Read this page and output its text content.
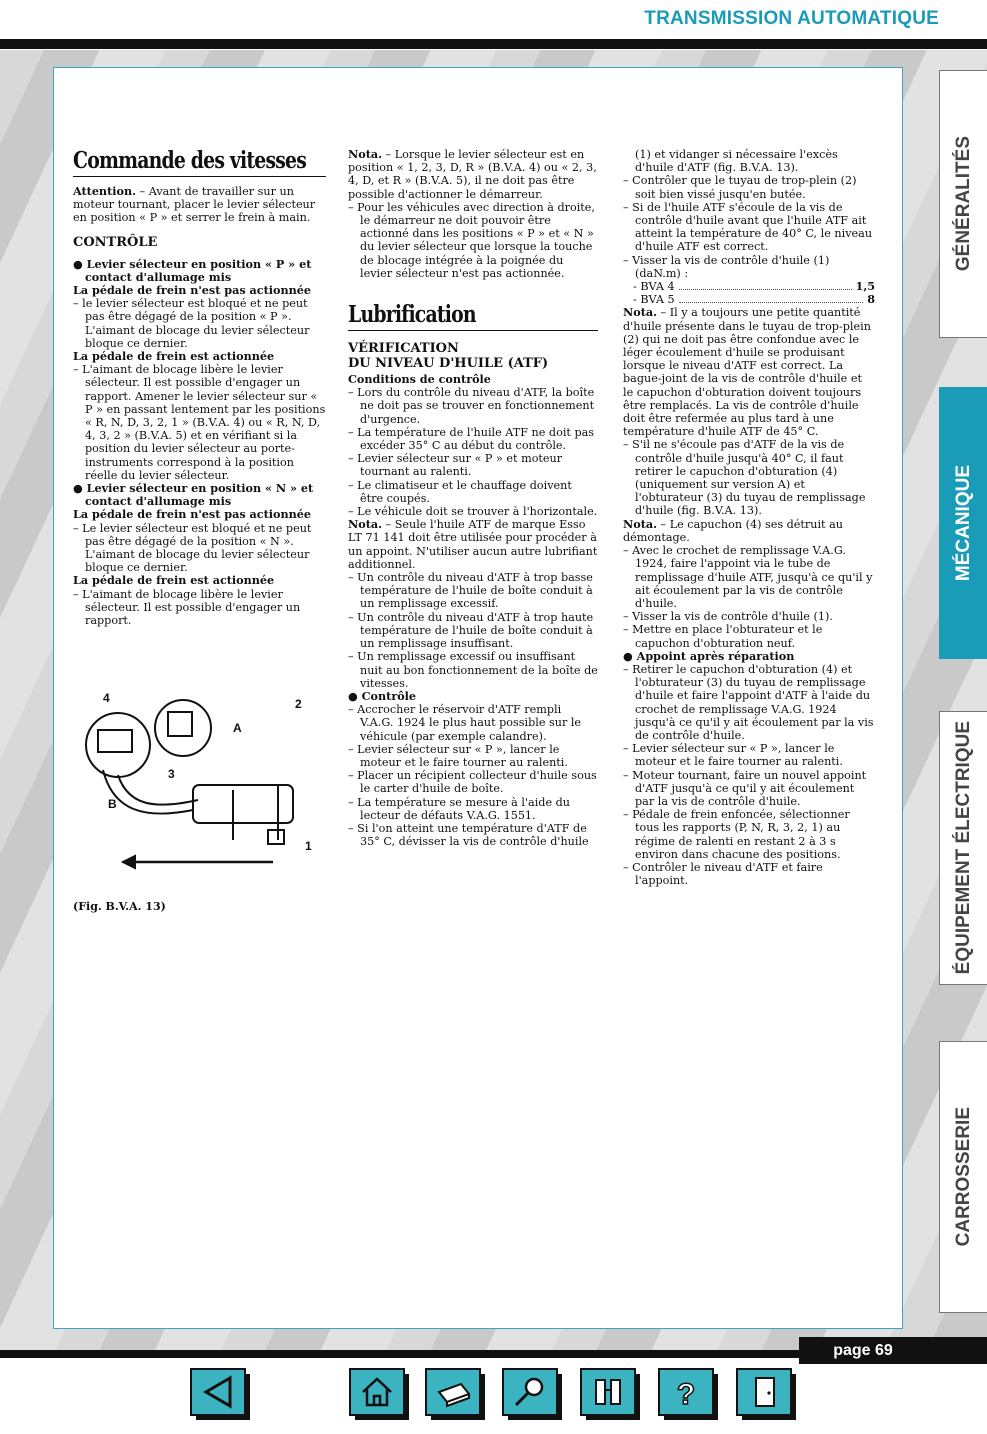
TRANSMISSION AUTOMATIQUE
GÉNÉRALITÉS
MÉCANIQUE
ÉQUIPEMENT ÉLECTRIQUE
CARROSSERIE
Commande des vitesses

Attention. – Avant de travailler sur un moteur tournant, placer le levier sélecteur en position « P » et serrer le frein à main.

CONTRÔLE

● Levier sélecteur en position « P » et contact d'allumage mis

La pédale de frein n'est pas actionnée

– le levier sélecteur est bloqué et ne peut pas être dégagé de la position « P ». L'aimant de blocage du levier sélecteur bloque ce dernier.

La pédale de frein est actionnée

– L'aimant de blocage libère le levier sélecteur. Il est possible d'engager un rapport. Amener le levier sélecteur sur « P » en passant lentement par les positions « R, N, D, 3, 2, 1 » (B.V.A. 4) ou « R, N, D, 4, 3, 2 » (B.V.A. 5) et en vérifiant si la position du levier sélecteur au porte-instruments correspond à la position réelle du levier sélecteur.

● Levier sélecteur en position « N » et contact d'allumage mis

La pédale de frein n'est pas actionnée

– Le levier sélecteur est bloqué et ne peut pas être dégagé de la position « N ». L'aimant de blocage du levier sélecteur bloque ce dernier.

La pédale de frein est actionnée

– L'aimant de blocage libère le levier sélecteur. Il est possible d'engager un rapport.

4	2
A
3
B
1
(Fig. B.V.A. 13)

Nota. – Lorsque le levier sélecteur est en position « 1, 2, 3, D, R » (B.V.A. 4) ou « 2, 3, 4, D, et R » (B.V.A. 5), il ne doit pas être possible d'actionner le démarreur.

– Pour les véhicules avec direction à droite, le démarreur ne doit pouvoir être actionné dans les positions « P » et « N » du levier sélecteur que lorsque la touche de blocage intégrée à la poignée du levier sélecteur n'est pas actionnée.

Lubrification
VÉRIFICATION
DU NIVEAU D'HUILE (ATF)

Conditions de contrôle

– Lors du contrôle du niveau d'ATF, la boîte ne doit pas se trouver en fonctionnement d'urgence.

– La température de l'huile ATF ne doit pas excéder 35° C au début du contrôle.

– Levier sélecteur sur « P » et moteur tournant au ralenti.

– Le climatiseur et le chauffage doivent être coupés.

– Le véhicule doit se trouver à l'horizontale.

Nota. – Seule l'huile ATF de marque Esso LT 71 141 doit être utilisée pour procéder à un appoint. N'utiliser aucun autre lubrifiant additionnel.

– Un contrôle du niveau d'ATF à trop basse température de l'huile de boîte conduit à un remplissage excessif.

– Un contrôle du niveau d'ATF à trop haute température de l'huile de boîte conduit à un remplissage insuffisant.

– Un remplissage excessif ou insuffisant nuit au bon fonctionnement de la boîte de vitesses.

● Contrôle

– Accrocher le réservoir d'ATF rempli V.A.G. 1924 le plus haut possible sur le véhicule (par exemple calandre).

– Levier sélecteur sur « P », lancer le moteur et le faire tourner au ralenti.

– Placer un récipient collecteur d'huile sous le carter d'huile de boîte.

– La température se mesure à l'aide du lecteur de défauts V.A.G. 1551.

– Si l'on atteint une température d'ATF de 35° C, dévisser la vis de contrôle d'huile

(1) et vidanger si nécessaire l'excès d'huile d'ATF (fig. B.V.A. 13).

– Contrôler que le tuyau de trop-plein (2) soit bien vissé jusqu'en butée.

– Si de l'huile ATF s'écoule de la vis de contrôle d'huile avant que l'huile ATF ait atteint la température de 40° C, le niveau d'huile ATF est correct.

– Visser la vis de contrôle d'huile (1) (daN.m) :

- BVA 4	1,5
- BVA 5	8

Nota. – Il y a toujours une petite quantité d'huile présente dans le tuyau de trop-plein (2) qui ne doit pas être confondue avec le léger écoulement d'huile se produisant lorsque le niveau d'ATF est correct. La bague-joint de la vis de contrôle d'huile et le capuchon d'obturation doivent toujours être remplacés. La vis de contrôle d'huile doit être refermée au plus tard à une température d'huile ATF de 45° C.

– S'il ne s'écoule pas d'ATF de la vis de contrôle d'huile jusqu'à 40° C, il faut retirer le capuchon d'obturation (4) (uniquement sur version A) et l'obturateur (3) du tuyau de remplissage d'huile (fig. B.V.A. 13).

Nota. – Le capuchon (4) ses détruit au démontage.

– Avec le crochet de remplissage V.A.G. 1924, faire l'appoint via le tube de remplissage d'huile ATF, jusqu'à ce qu'il y ait écoulement par la vis de contrôle d'huile.

– Visser la vis de contrôle d'huile (1).

– Mettre en place l'obturateur et le capuchon d'obturation neuf.

● Appoint après réparation

– Retirer le capuchon d'obturation (4) et l'obturateur (3) du tuyau de remplissage d'huile et faire l'appoint d'ATF à l'aide du crochet de remplissage V.A.G. 1924 jusqu'à ce qu'il y ait écoulement par la vis de contrôle d'huile.

– Levier sélecteur sur « P », lancer le moteur et le faire tourner au ralenti.

– Moteur tournant, faire un nouvel appoint d'ATF jusqu'à ce qu'il y ait écoulement par la vis de contrôle d'huile.

– Pédale de frein enfoncée, sélectionner tous les rapports (P, N, R, 3, 2, 1) au régime de ralenti en restant 2 à 3 s environ dans chacune des positions.

– Contrôler le niveau d'ATF et faire l'appoint.

page 69
?
